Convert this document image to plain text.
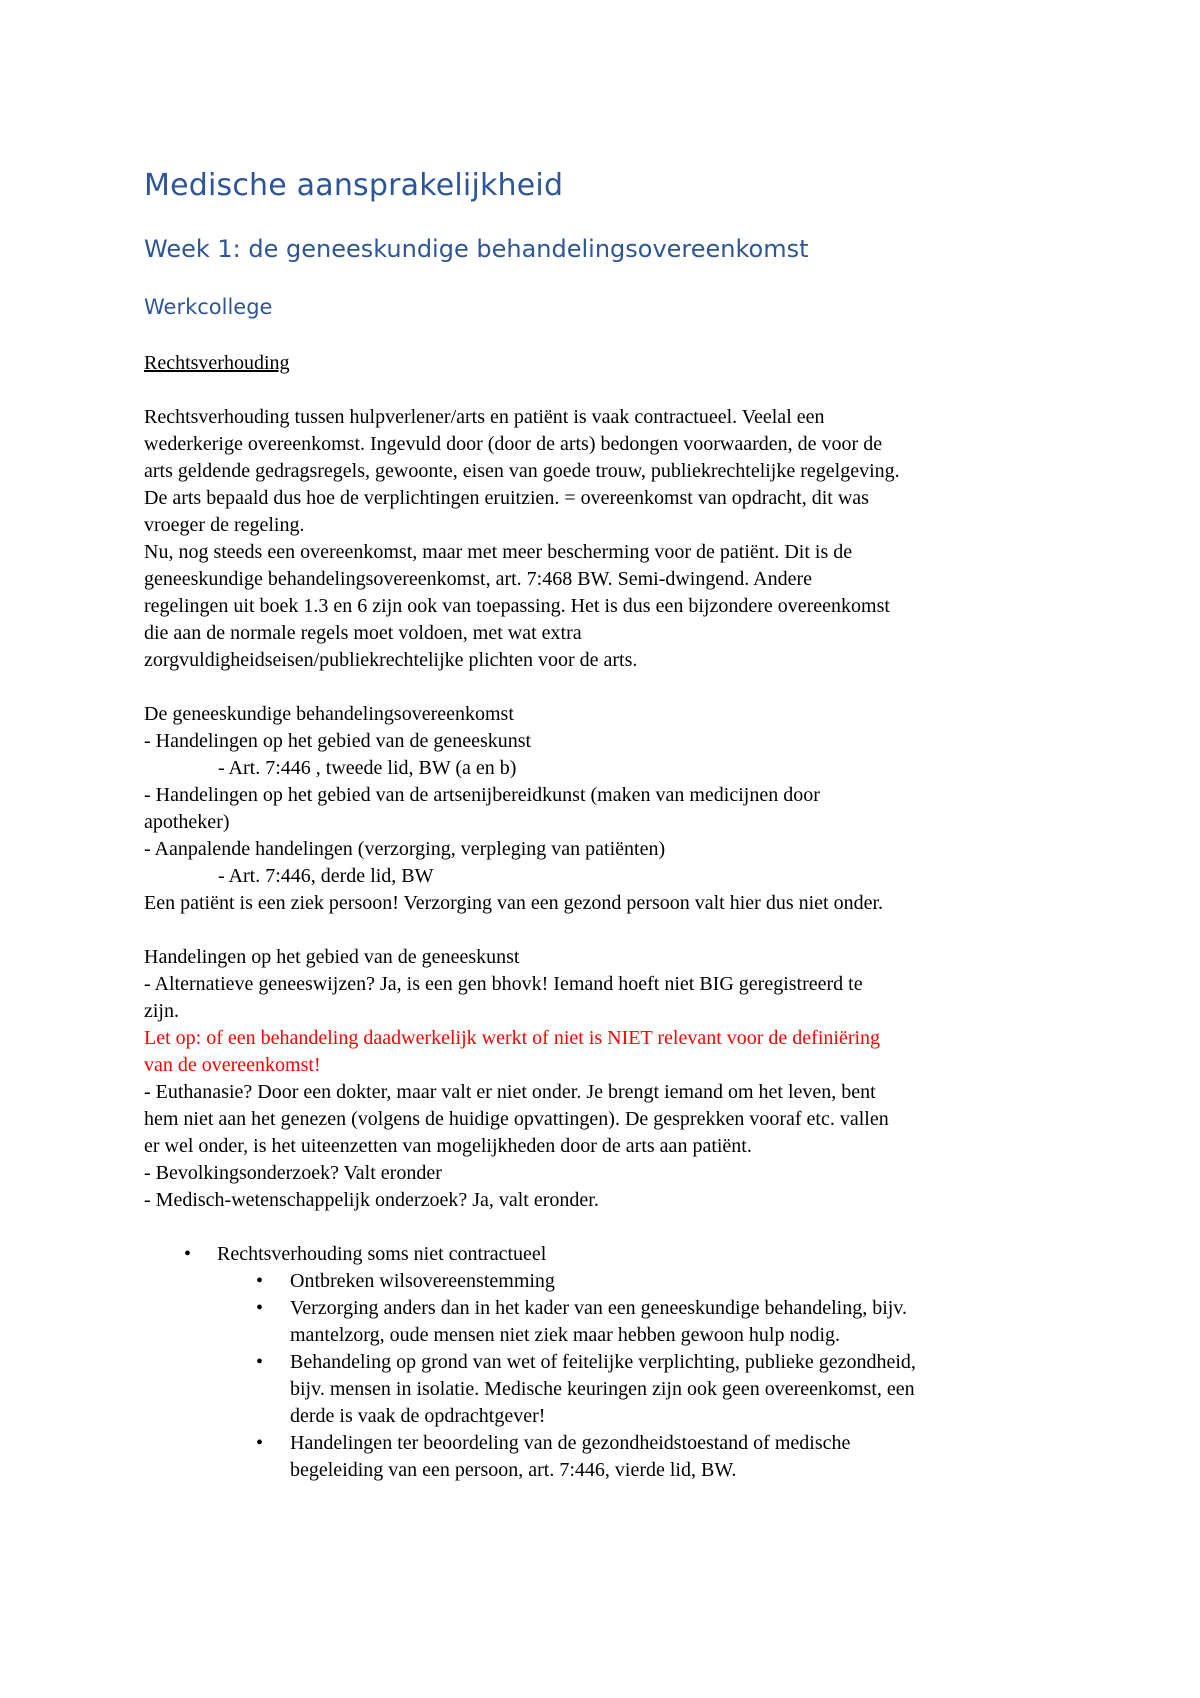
Medische aansprakelijkheid
Week 1: de geneeskundige behandelingsovereenkomst
Werkcollege

Rechtsverhouding

Rechtsverhouding tussen hulpverlener/arts en patiënt is vaak contractueel. Veelal een

wederkerige overeenkomst. Ingevuld door (door de arts) bedongen voorwaarden, de voor de

arts geldende gedragsregels, gewoonte, eisen van goede trouw, publiekrechtelijke regelgeving.

De arts bepaald dus hoe de verplichtingen eruitzien. = overeenkomst van opdracht, dit was

vroeger de regeling.

Nu, nog steeds een overeenkomst, maar met meer bescherming voor de patiënt. Dit is de

geneeskundige behandelingsovereenkomst, art. 7:468 BW. Semi-dwingend. Andere

regelingen uit boek 1.3 en 6 zijn ook van toepassing. Het is dus een bijzondere overeenkomst

die aan de normale regels moet voldoen, met wat extra

zorgvuldigheidseisen/publiekrechtelijke plichten voor de arts.

De geneeskundige behandelingsovereenkomst

- Handelingen op het gebied van de geneeskunst

- Art. 7:446 , tweede lid, BW (a en b)

- Handelingen op het gebied van de artsenijbereidkunst (maken van medicijnen door

apotheker)

- Aanpalende handelingen (verzorging, verpleging van patiënten)

- Art. 7:446, derde lid, BW

Een patiënt is een ziek persoon! Verzorging van een gezond persoon valt hier dus niet onder.

Handelingen op het gebied van de geneeskunst

- Alternatieve geneeswijzen? Ja, is een gen bhovk! Iemand hoeft niet BIG geregistreerd te

zijn.

Let op: of een behandeling daadwerkelijk werkt of niet is NIET relevant voor de definiëring

van de overeenkomst!

- Euthanasie? Door een dokter, maar valt er niet onder. Je brengt iemand om het leven, bent

hem niet aan het genezen (volgens de huidige opvattingen). De gesprekken vooraf etc. vallen

er wel onder, is het uiteenzetten van mogelijkheden door de arts aan patiënt.

- Bevolkingsonderzoek? Valt eronder

- Medisch-wetenschappelijk onderzoek? Ja, valt eronder.

• Rechtsverhouding soms niet contractueel
• Ontbreken wilsovereenstemming
• Verzorging anders dan in het kader van een geneeskundige behandeling, bijv.
mantelzorg, oude mensen niet ziek maar hebben gewoon hulp nodig.
• Behandeling op grond van wet of feitelijke verplichting, publieke gezondheid,
bijv. mensen in isolatie. Medische keuringen zijn ook geen overeenkomst, een
derde is vaak de opdrachtgever!
• Handelingen ter beoordeling van de gezondheidstoestand of medische
begeleiding van een persoon, art. 7:446, vierde lid, BW.
